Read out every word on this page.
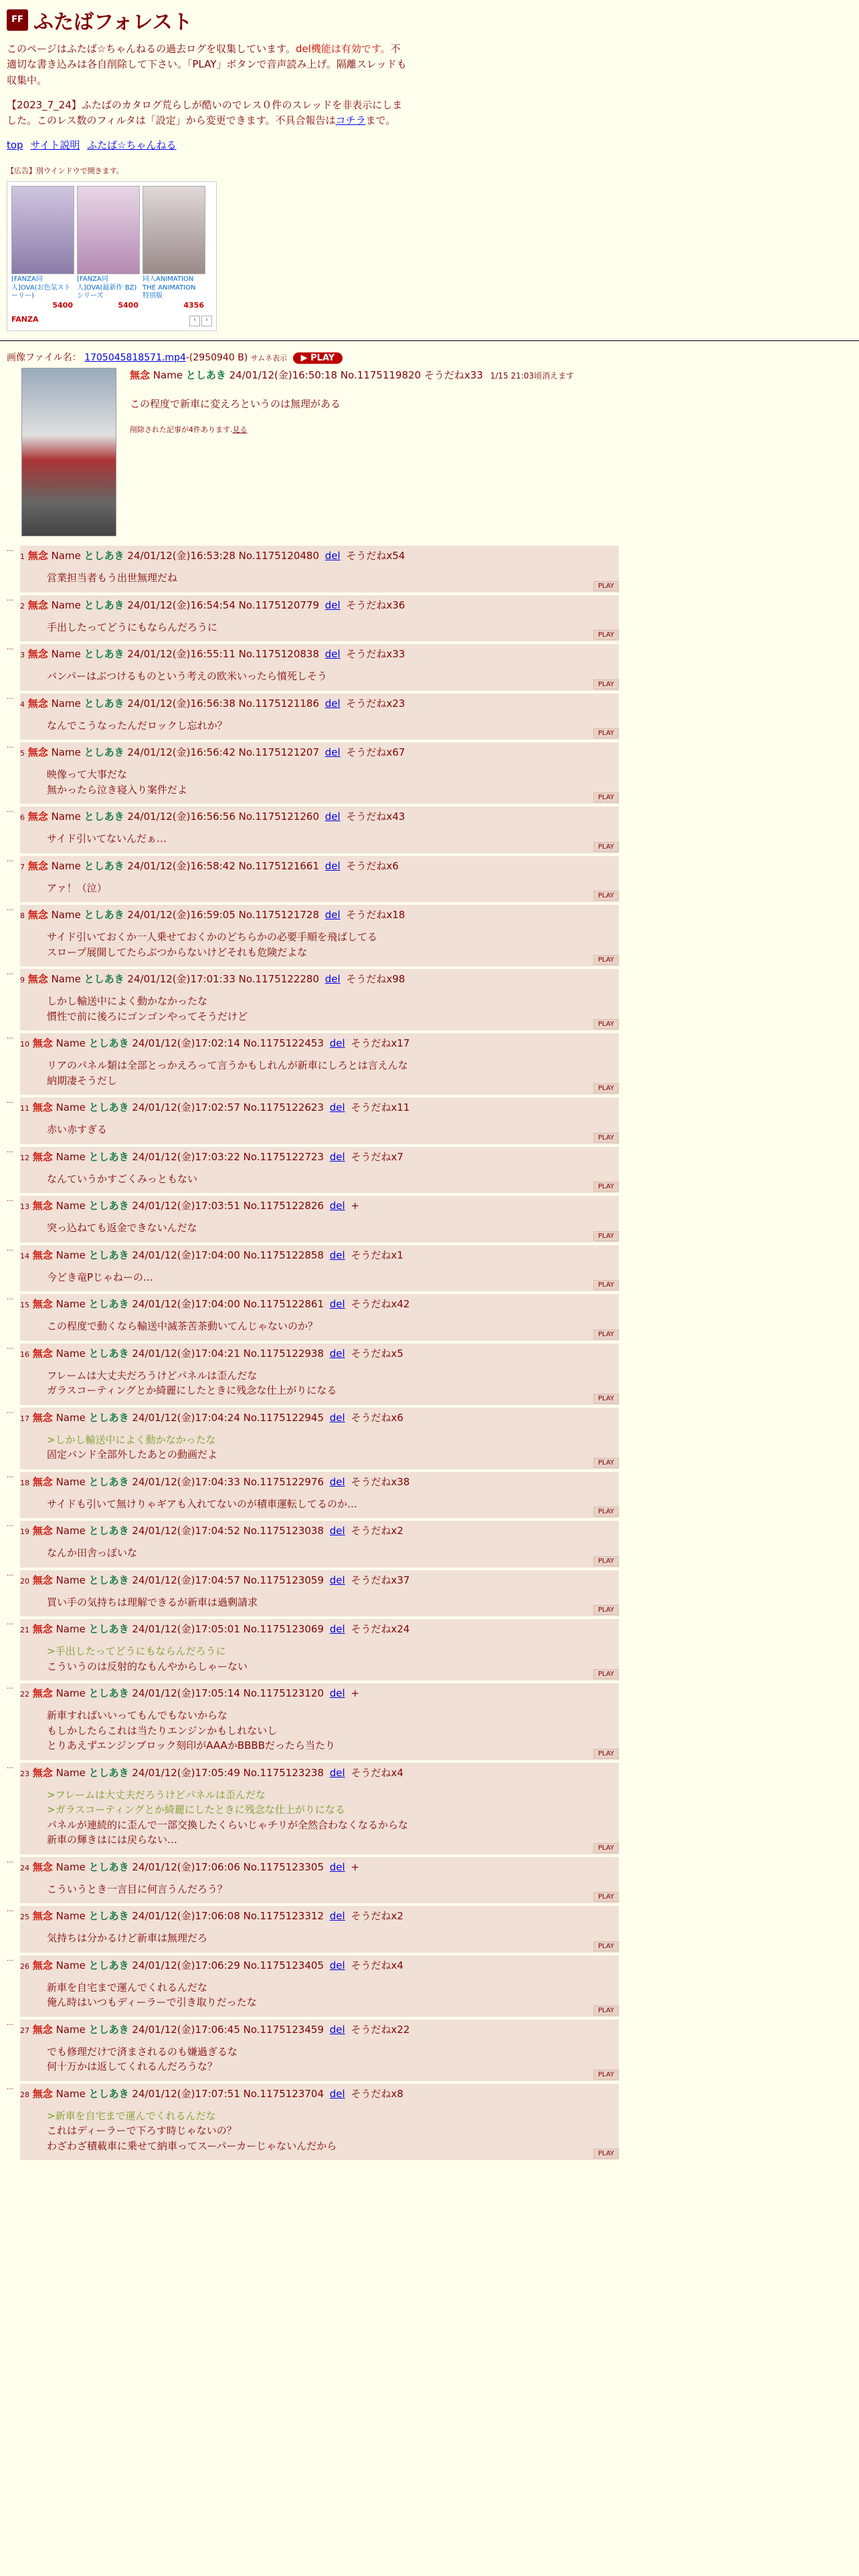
FF ふたばフォレスト

このページはふたば☆ちゃんねるの過去ログを収集しています。del機能は有効です。不適切な書き込みは各自削除して下さい。「PLAY」ボタンで音声読み上げ。隔離スレッドも収集中。

【2023_7_24】ふたばのカタログ荒らしが酷いのでレス０件のスレッドを非表示にしました。このレス数のフィルタは「設定」から変更できます。不具合報告はコチラまで。

top サイト説明 ふたば☆ちゃんねる
【広告】別ウインドウで開きます。
[FANZA同人]OVA(お色気ストーリー)
5400
[FANZA同人]OVA(最新作 BZ)シリーズ
5400
同人ANIMATION THE ANIMATION 特別版
4356
FANZA	‹ ›
画像ファイル名： 1705045818571.mp4-(2950940 B) サムネ表示 ▶ PLAY
無念 Name としあき 24/01/12(金)16:50:18 No.1175119820 そうだねx33 1/15 21:03頃消えます
この程度で新車に変えろというのは無理がある
削除された記事が4件あります.見る
…
1 無念 Name としあき 24/01/12(金)16:53:28 No.1175120480 del そうだねx54
営業担当者もう出世無理だね
PLAY
…
2 無念 Name としあき 24/01/12(金)16:54:54 No.1175120779 del そうだねx36
手出したってどうにもならんだろうに
PLAY
…
3 無念 Name としあき 24/01/12(金)16:55:11 No.1175120838 del そうだねx33
バンパーはぶつけるものという考えの欧米いったら憤死しそう
PLAY
…
4 無念 Name としあき 24/01/12(金)16:56:38 No.1175121186 del そうだねx23
なんでこうなったんだロックし忘れか？
PLAY
…
5 無念 Name としあき 24/01/12(金)16:56:42 No.1175121207 del そうだねx67
映像って大事だな
無かったら泣き寝入り案件だよ
PLAY
…
6 無念 Name としあき 24/01/12(金)16:56:56 No.1175121260 del そうだねx43
サイド引いてないんだぁ…
PLAY
…
7 無念 Name としあき 24/01/12(金)16:58:42 No.1175121661 del そうだねx6
アァ！（泣）
PLAY
…
8 無念 Name としあき 24/01/12(金)16:59:05 No.1175121728 del そうだねx18
サイド引いておくか一人乗せておくかのどちらかの必要手順を飛ばしてる
スロープ展開してたらぶつからないけどそれも危険だよな
PLAY
…
9 無念 Name としあき 24/01/12(金)17:01:33 No.1175122280 del そうだねx98
しかし輸送中によく動かなかったな
慣性で前に後ろにゴンゴンやってそうだけど
PLAY
…
10 無念 Name としあき 24/01/12(金)17:02:14 No.1175122453 del そうだねx17
リアのパネル類は全部とっかえろって言うかもしれんが新車にしろとは言えんな
納期凄そうだし
PLAY
…
11 無念 Name としあき 24/01/12(金)17:02:57 No.1175122623 del そうだねx11
赤い赤すぎる
PLAY
…
12 無念 Name としあき 24/01/12(金)17:03:22 No.1175122723 del そうだねx7
なんていうかすごくみっともない
PLAY
…
13 無念 Name としあき 24/01/12(金)17:03:51 No.1175122826 del +
突っ込ねても返金できないんだな
PLAY
…
14 無念 Name としあき 24/01/12(金)17:04:00 No.1175122858 del そうだねx1
今どき竜Pじゃねーの…
PLAY
…
15 無念 Name としあき 24/01/12(金)17:04:00 No.1175122861 del そうだねx42
この程度で動くなら輸送中滅茶苦茶動いてんじゃないのか？
PLAY
…
16 無念 Name としあき 24/01/12(金)17:04:21 No.1175122938 del そうだねx5
フレームは大丈夫だろうけどパネルは歪んだな
ガラスコーティングとか綺麗にしたときに残念な仕上がりになる
PLAY
…
17 無念 Name としあき 24/01/12(金)17:04:24 No.1175122945 del そうだねx6
>しかし輸送中によく動かなかったな
固定バンド全部外したあとの動画だよ
PLAY
…
18 無念 Name としあき 24/01/12(金)17:04:33 No.1175122976 del そうだねx38
サイドも引いて無けりゃギアも入れてないのが積車運転してるのか…
PLAY
…
19 無念 Name としあき 24/01/12(金)17:04:52 No.1175123038 del そうだねx2
なんか田舎っぽいな
PLAY
…
20 無念 Name としあき 24/01/12(金)17:04:57 No.1175123059 del そうだねx37
買い手の気持ちは理解できるが新車は過剰請求
PLAY
…
21 無念 Name としあき 24/01/12(金)17:05:01 No.1175123069 del そうだねx24
>手出したってどうにもならんだろうに
こういうのは反射的なもんやからしゃーない
PLAY
…
22 無念 Name としあき 24/01/12(金)17:05:14 No.1175123120 del +
新車すればいいってもんでもないからな
もしかしたらこれは当たりエンジンかもしれないし
とりあえずエンジンブロック刻印がAAAかBBBBだったら当たり
PLAY
…
23 無念 Name としあき 24/01/12(金)17:05:49 No.1175123238 del そうだねx4
>フレームは大丈夫だろうけどパネルは歪んだな
>ガラスコーティングとか綺麗にしたときに残念な仕上がりになる
パネルが連続的に歪んで一部交換したくらいじゃチリが全然合わなくなるからな
新車の輝きはには戻らない…
PLAY
…
24 無念 Name としあき 24/01/12(金)17:06:06 No.1175123305 del +
こういうとき一言目に何言うんだろう？
PLAY
…
25 無念 Name としあき 24/01/12(金)17:06:08 No.1175123312 del そうだねx2
気持ちは分かるけど新車は無理だろ
PLAY
…
26 無念 Name としあき 24/01/12(金)17:06:29 No.1175123405 del そうだねx4
新車を自宅まで運んでくれるんだな
俺ん時はいつもディーラーで引き取りだったな
PLAY
…
27 無念 Name としあき 24/01/12(金)17:06:45 No.1175123459 del そうだねx22
でも修理だけで済まされるのも嫌過ぎるな
何十万かは返してくれるんだろうな？
PLAY
…
28 無念 Name としあき 24/01/12(金)17:07:51 No.1175123704 del そうだねx8
>新車を自宅まで運んでくれるんだな
これはディーラーで下ろす時じゃないの？
わざわざ積載車に乗せて納車ってスーパーカーじゃないんだから
PLAY
